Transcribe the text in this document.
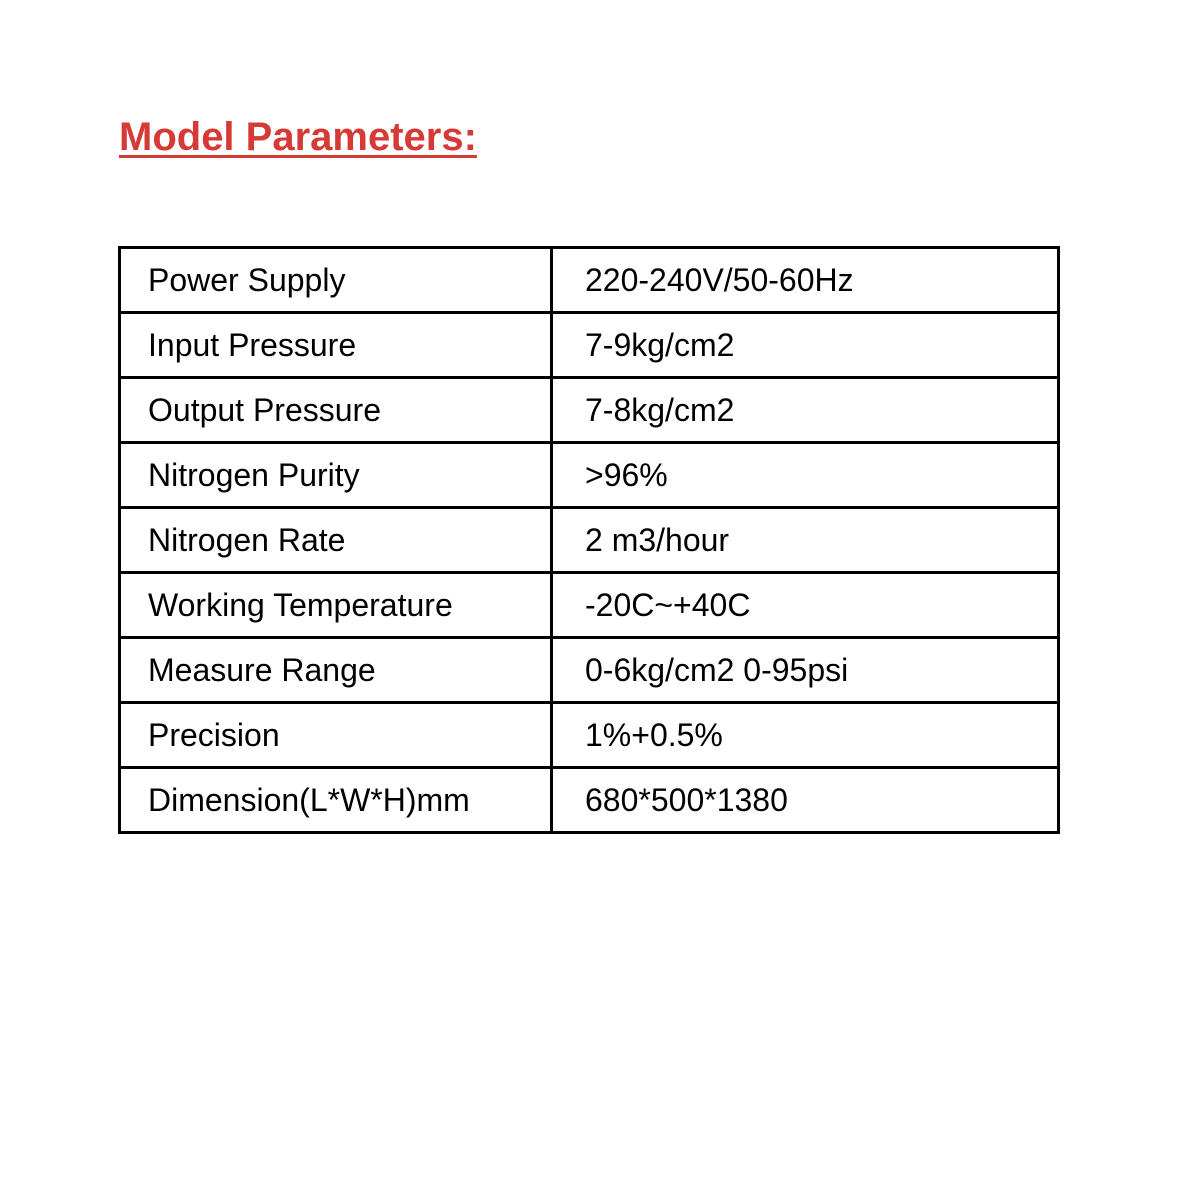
Model Parameters:
Power Supply	220-240V/50-60Hz
Input Pressure	7-9kg/cm2
Output Pressure	7-8kg/cm2
Nitrogen Purity	>96%
Nitrogen Rate	2 m3/hour
Working Temperature	-20C~+40C
Measure Range	0-6kg/cm2 0-95psi
Precision	1%+0.5%
Dimension(L*W*H)mm	680*500*1380
